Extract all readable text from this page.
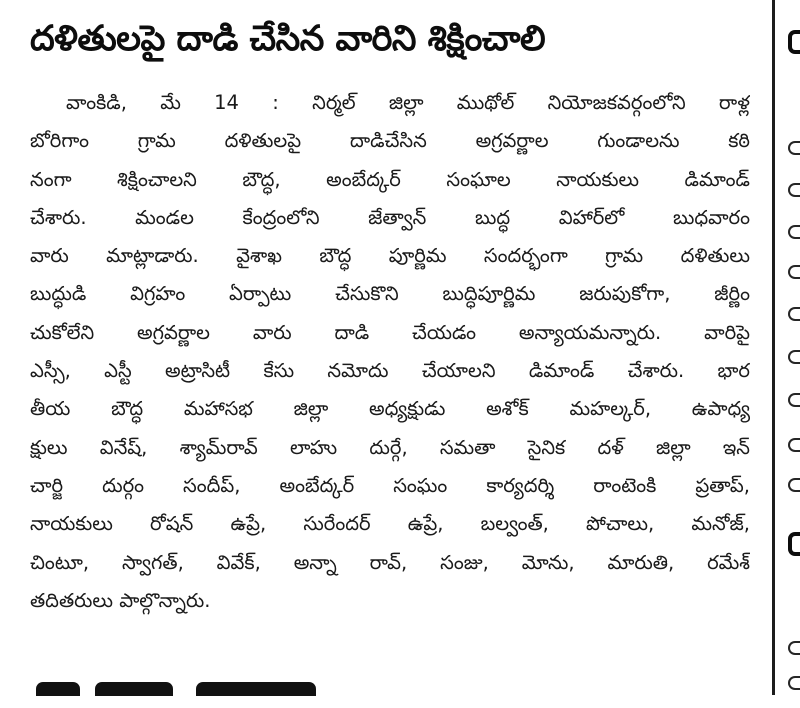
దళితులపై దాడి చేసిన వారిని శిక్షించాలి
వాంకిడి, మే 14 : నిర్మల్ జిల్లా ముథోల్ నియోజకవర్గంలోని రాళ్ల
బోరిగాం గ్రామ దళితులపై దాడిచేసిన అగ్రవర్ణాల గుండాలను కఠి
నంగా శిక్షించాలని బౌద్ధ, అంబేద్కర్ సంఘాల నాయకులు డిమాండ్
చేశారు. మండల కేంద్రంలోని జేత్వాన్ బుద్ధ విహార్‌లో బుధవారం
వారు మాట్లాడారు. వైశాఖ బౌద్ధ పూర్ణిమ సందర్భంగా గ్రామ దళితులు
బుద్ధుడి విగ్రహం ఏర్పాటు చేసుకొని బుద్ధిపూర్ణిమ జరుపుకోగా, జీర్ణిం
చుకోలేని అగ్రవర్ణాల వారు దాడి చేయడం అన్యాయమన్నారు. వారిపై
ఎస్సీ, ఎస్టీ అట్రాసిటీ కేసు నమోదు చేయాలని డిమాండ్ చేశారు. భార
తీయ బౌద్ధ మహాసభ జిల్లా అధ్యక్షుడు అశోక్ మహల్కర్, ఉపాధ్య
క్షులు వినేష్, శ్యామ్‌రావ్ లాహు దుర్గే, సమతా సైనిక దళ్ జిల్లా ఇన్
చార్జి దుర్గం సందీప్, అంబేద్కర్ సంఘం కార్యదర్శి రాంటెంకి ప్రతాప్,
నాయకులు రోషన్ ఉప్రే, సురేందర్ ఉప్రే, బల్వంత్, పోచాలు, మనోజ్,
చింటూ, స్వాగత్, వివేక్, అన్నా రావ్, సంజు, మోను, మారుతి, రమేశ్
తదితరులు పాల్గొన్నారు.
